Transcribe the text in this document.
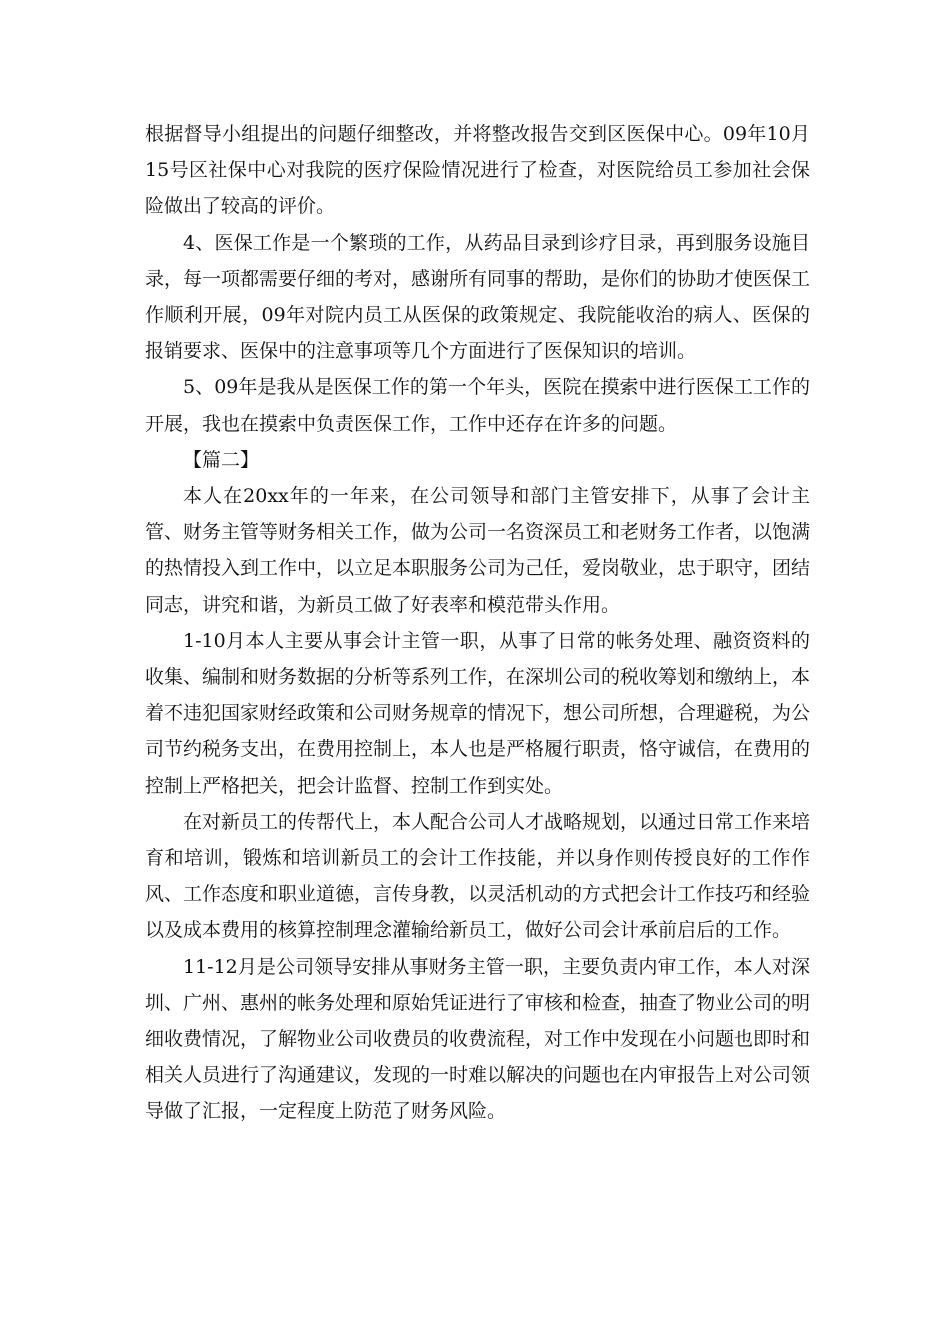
根据督导小组提出的问题仔细整改，并将整改报告交到区医保中心。09年10月15号区社保中心对我院的医疗保险情况进行了检查，对医院给员工参加社会保险做出了较高的评价。

4、医保工作是一个繁琐的工作，从药品目录到诊疗目录，再到服务设施目录，每一项都需要仔细的考对，感谢所有同事的帮助，是你们的协助才使医保工作顺利开展，09年对院内员工从医保的政策规定、我院能收治的病人、医保的报销要求、医保中的注意事项等几个方面进行了医保知识的培训。

5、09年是我从是医保工作的第一个年头，医院在摸索中进行医保工工作的开展，我也在摸索中负责医保工作，工作中还存在许多的问题。

【篇二】

本人在20xx年的一年来，在公司领导和部门主管安排下，从事了会计主管、财务主管等财务相关工作，做为公司一名资深员工和老财务工作者，以饱满的热情投入到工作中，以立足本职服务公司为己任，爱岗敬业，忠于职守，团结同志，讲究和谐，为新员工做了好表率和模范带头作用。

1-10月本人主要从事会计主管一职，从事了日常的帐务处理、融资资料的收集、编制和财务数据的分析等系列工作，在深圳公司的税收筹划和缴纳上，本着不违犯国家财经政策和公司财务规章的情况下，想公司所想，合理避税，为公司节约税务支出，在费用控制上，本人也是严格履行职责，恪守诚信，在费用的控制上严格把关，把会计监督、控制工作到实处。

在对新员工的传帮代上，本人配合公司人才战略规划，以通过日常工作来培育和培训，锻炼和培训新员工的会计工作技能，并以身作则传授良好的工作作风、工作态度和职业道德，言传身教，以灵活机动的方式把会计工作技巧和经验以及成本费用的核算控制理念灌输给新员工，做好公司会计承前启后的工作。

11-12月是公司领导安排从事财务主管一职，主要负责内审工作，本人对深圳、广州、惠州的帐务处理和原始凭证进行了审核和检查，抽查了物业公司的明细收费情况，了解物业公司收费员的收费流程，对工作中发现在小问题也即时和相关人员进行了沟通建议，发现的一时难以解决的问题也在内审报告上对公司领导做了汇报，一定程度上防范了财务风险。
